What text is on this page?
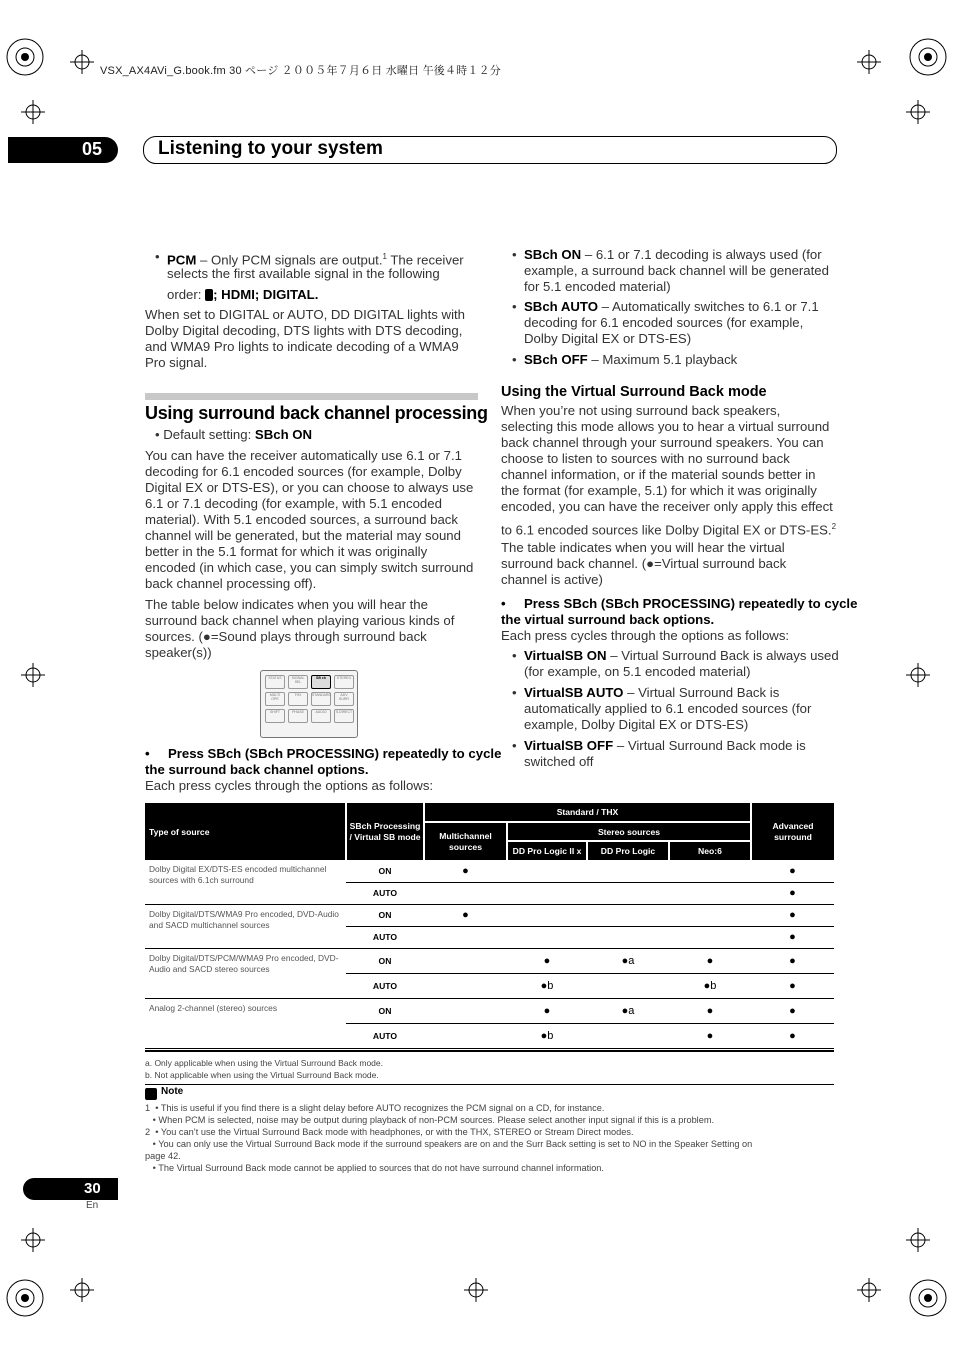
VSX_AX4AVi_G.book.fm 30 ページ ２００５年７月６日 水曜日 午後４時１２分
05	Listening to your system
• PCM – Only PCM signals are output.$^1$ The receiver
selects the first available signal in the following
order: ; HDMI; DIGITAL.
When set to DIGITAL or AUTO, DD DIGITAL lights with
Dolby Digital decoding, DTS lights with DTS decoding,
and WMA9 Pro lights to indicate decoding of a WMA9
Pro signal.
Using surround back channel processing
• Default setting: SBch ON
You can have the receiver automatically use 6.1 or 7.1
decoding for 6.1 encoded sources (for example, Dolby
Digital EX or DTS-ES), or you can choose to always use
6.1 or 7.1 decoding (for example, with 5.1 encoded
material). With 5.1 encoded sources, a surround back
channel will be generated, but the material may sound
better in the 5.1 format for which it was originally
encoded (in which case, you can simply switch surround
back channel processing off).
The table below indicates when you will hear the
surround back channel when playing various kinds of
sources. (●=Sound plays through surround back
speaker(s))
STATUS	SIGNAL SEL
SB ch	STEREO
MULTI OPE
THX	STANDARD	ADV SURR
SHIFT	PHASE	AUDIO	S.DIRECT
•     Press SBch (SBch PROCESSING) repeatedly to cycle
the surround back channel options.
Each press cycles through the options as follows:
• SBch ON – 6.1 or 7.1 decoding is always used (for
example, a surround back channel will be generated
for 5.1 encoded material)
• SBch AUTO – Automatically switches to 6.1 or 7.1
decoding for 6.1 encoded sources (for example,
Dolby Digital EX or DTS-ES)
• SBch OFF – Maximum 5.1 playback
Using the Virtual Surround Back mode
When you’re not using surround back speakers,
selecting this mode allows you to hear a virtual surround
back channel through your surround speakers. You can
choose to listen to sources with no surround back
channel information, or if the material sounds better in
the format (for example, 5.1) for which it was originally
encoded, you can have the receiver only apply this effect
to 6.1 encoded sources like Dolby Digital EX or DTS-ES.$^2$
The table indicates when you will hear the virtual
surround back channel. (●=Virtual surround back
channel is active)
•     Press SBch (SBch PROCESSING) repeatedly to cycle
the virtual surround back options.
Each press cycles through the options as follows:
• VirtualSB ON – Virtual Surround Back is always used
(for example, on 5.1 encoded material)
• VirtualSB AUTO – Virtual Surround Back is
automatically applied to 6.1 encoded sources (for
example, Dolby Digital EX or DTS-ES)
• VirtualSB OFF – Virtual Surround Back mode is
switched off
Type of source	SBch Processing / Virtual SB mode	Standard / THX				Advanced surround
		Multichannel sources	Stereo sources			
			DD Pro Logic II x	DD Pro Logic	Neo:6	
Dolby Digital EX/DTS-ES encoded multichannel sources with 6.1ch surround	ON	●				●
	AUTO					●
Dolby Digital/DTS/WMA9 Pro encoded, DVD-Audio and SACD multichannel sources	ON	●				●
	AUTO					●
Dolby Digital/DTS/PCM/WMA9 Pro encoded, DVD-Audio and SACD stereo sources	ON		●	●a	●	●
	AUTO		●b		●b	●
Analog 2-channel (stereo) sources	ON		●	●a	●	●
	AUTO		●b		●	●
a. Only applicable when using the Virtual Surround Back mode.
b. Not applicable when using the Virtual Surround Back mode.
Note
1  • This is useful if you find there is a slight delay before AUTO recognizes the PCM signal on a CD, for instance.
• When PCM is selected, noise may be output during playback of non-PCM sources. Please select another input signal if this is a problem.
2  • You can’t use the Virtual Surround Back mode with headphones, or with the THX, STEREO or Stream Direct modes.
• You can only use the Virtual Surround Back mode if the surround speakers are on and the Surr Back setting is set to NO in the Speaker Setting on
page 42.
• The Virtual Surround Back mode cannot be applied to sources that do not have surround channel information.
30
En
